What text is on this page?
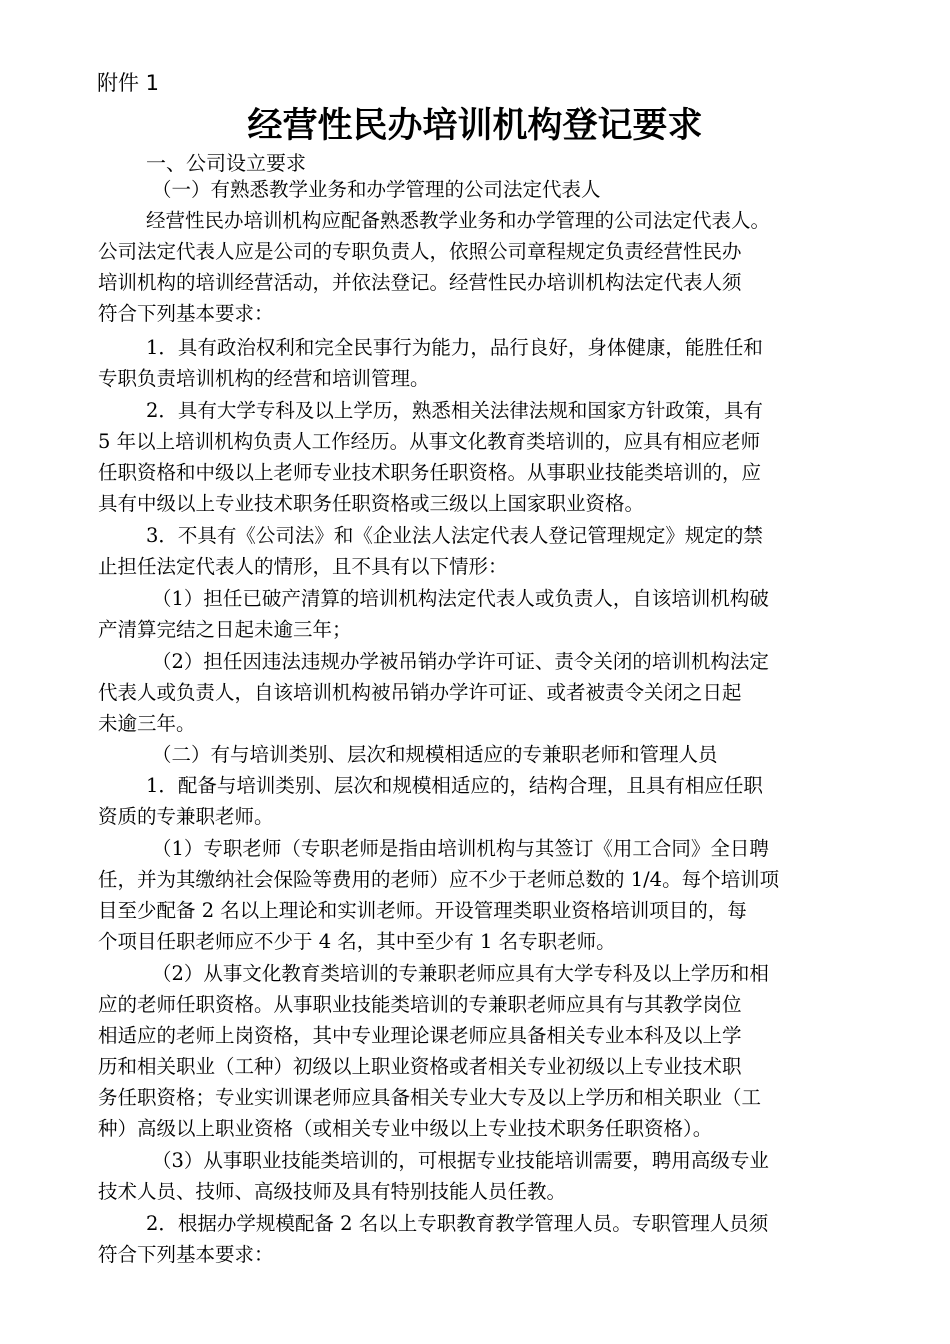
附件 1
经营性民办培训机构登记要求
一、公司设立要求
（一）有熟悉教学业务和办学管理的公司法定代表人
经营性民办培训机构应配备熟悉教学业务和办学管理的公司法定代表人。
公司法定代表人应是公司的专职负责人，依照公司章程规定负责经营性民办
培训机构的培训经营活动，并依法登记。经营性民办培训机构法定代表人须
符合下列基本要求：
1．具有政治权利和完全民事行为能力，品行良好，身体健康，能胜任和
专职负责培训机构的经营和培训管理。
2．具有大学专科及以上学历，熟悉相关法律法规和国家方针政策，具有
5 年以上培训机构负责人工作经历。从事文化教育类培训的，应具有相应老师
任职资格和中级以上老师专业技术职务任职资格。从事职业技能类培训的，应
具有中级以上专业技术职务任职资格或三级以上国家职业资格。
3．不具有《公司法》和《企业法人法定代表人登记管理规定》规定的禁
止担任法定代表人的情形，且不具有以下情形：
（1）担任已破产清算的培训机构法定代表人或负责人，自该培训机构破
产清算完结之日起未逾三年；
（2）担任因违法违规办学被吊销办学许可证、责令关闭的培训机构法定
代表人或负责人，自该培训机构被吊销办学许可证、或者被责令关闭之日起
未逾三年。
（二）有与培训类别、层次和规模相适应的专兼职老师和管理人员
1．配备与培训类别、层次和规模相适应的，结构合理，且具有相应任职
资质的专兼职老师。
（1）专职老师（专职老师是指由培训机构与其签订《用工合同》全日聘
任，并为其缴纳社会保险等费用的老师）应不少于老师总数的 1/4。每个培训项
目至少配备 2 名以上理论和实训老师。开设管理类职业资格培训项目的，每
个项目任职老师应不少于 4 名，其中至少有 1 名专职老师。
（2）从事文化教育类培训的专兼职老师应具有大学专科及以上学历和相
应的老师任职资格。从事职业技能类培训的专兼职老师应具有与其教学岗位
相适应的老师上岗资格，其中专业理论课老师应具备相关专业本科及以上学
历和相关职业（工种）初级以上职业资格或者相关专业初级以上专业技术职
务任职资格；专业实训课老师应具备相关专业大专及以上学历和相关职业（工
种）高级以上职业资格（或相关专业中级以上专业技术职务任职资格）。
（3）从事职业技能类培训的，可根据专业技能培训需要，聘用高级专业
技术人员、技师、高级技师及具有特别技能人员任教。
2．根据办学规模配备 2 名以上专职教育教学管理人员。专职管理人员须
符合下列基本要求：
